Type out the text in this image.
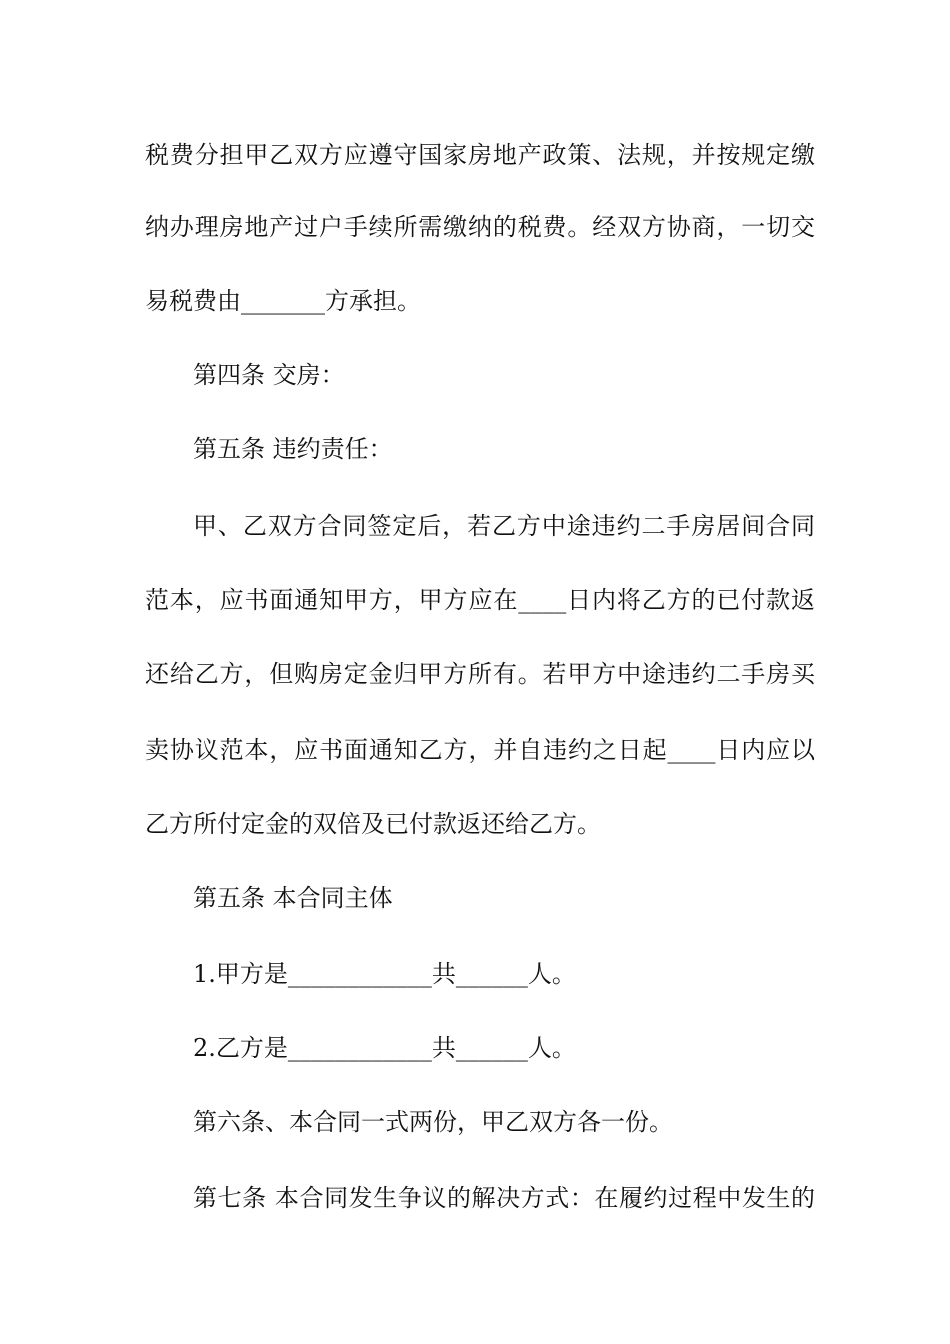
税费分担甲乙双方应遵守国家房地产政策、法规，并按规定缴
纳办理房地产过户手续所需缴纳的税费。经双方协商，一切交
易税费由_______方承担。
第四条 交房：
第五条 违约责任：
甲、乙双方合同签定后，若乙方中途违约二手房居间合同
范本，应书面通知甲方，甲方应在____日内将乙方的已付款返
还给乙方，但购房定金归甲方所有。若甲方中途违约二手房买
卖协议范本，应书面通知乙方，并自违约之日起____日内应以
乙方所付定金的双倍及已付款返还给乙方。
第五条 本合同主体
1.甲方是____________共______人。
2.乙方是____________共______人。
第六条、本合同一式两份，甲乙双方各一份。
第七条 本合同发生争议的解决方式：在履约过程中发生的
